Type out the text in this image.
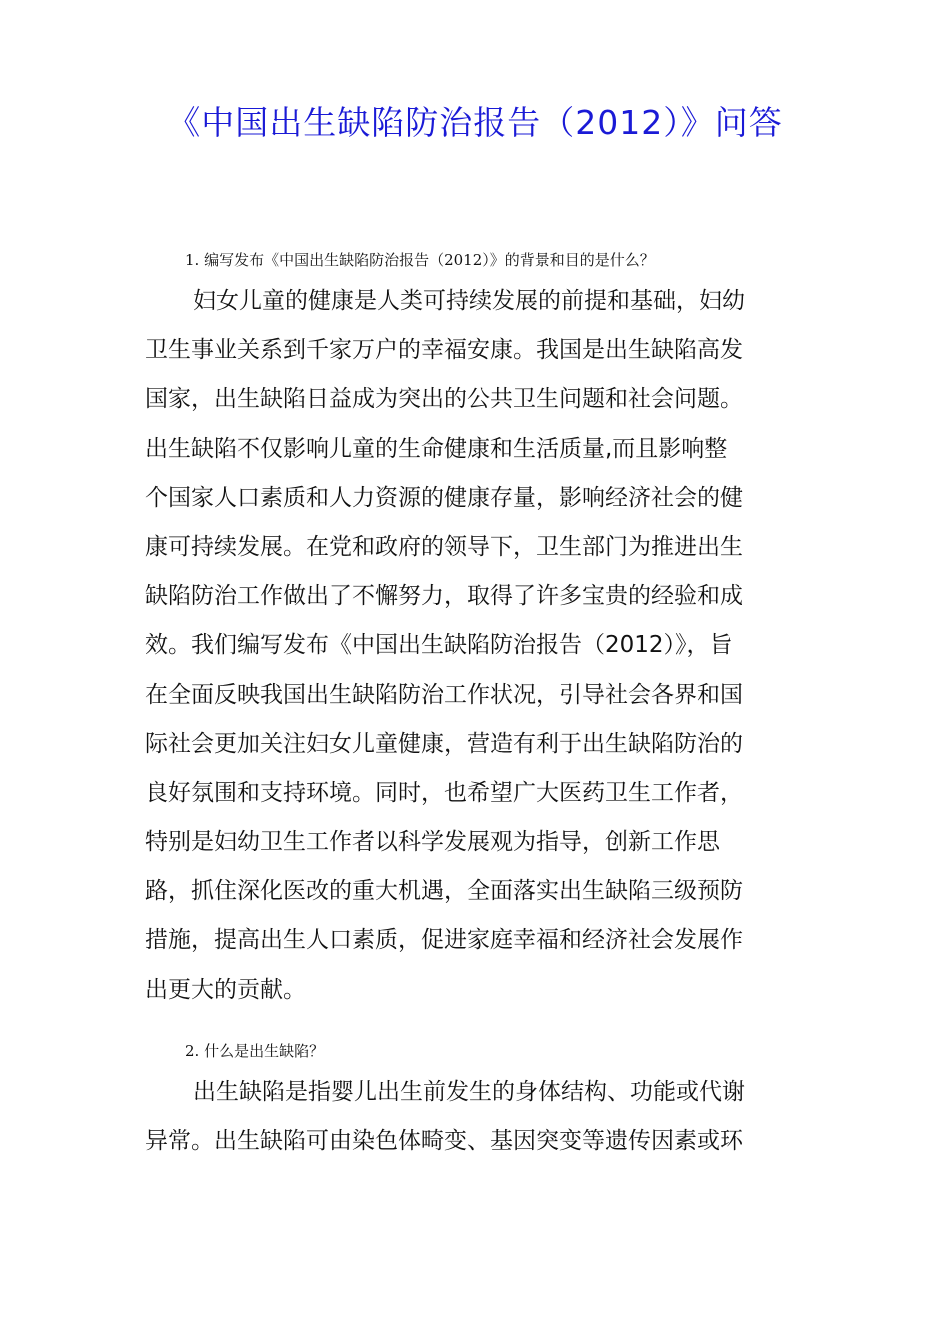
《中国出生缺陷防治报告（2012）》问答
1. 编写发布《中国出生缺陷防治报告（2012）》的背景和目的是什么？
妇女儿童的健康是人类可持续发展的前提和基础，妇幼
卫生事业关系到千家万户的幸福安康。我国是出生缺陷高发
国家，出生缺陷日益成为突出的公共卫生问题和社会问题。
出生缺陷不仅影响儿童的生命健康和生活质量,而且影响整
个国家人口素质和人力资源的健康存量，影响经济社会的健
康可持续发展。在党和政府的领导下，卫生部门为推进出生
缺陷防治工作做出了不懈努力，取得了许多宝贵的经验和成
效。我们编写发布《中国出生缺陷防治报告（2012）》，旨
在全面反映我国出生缺陷防治工作状况，引导社会各界和国
际社会更加关注妇女儿童健康，营造有利于出生缺陷防治的
良好氛围和支持环境。同时，也希望广大医药卫生工作者，
特别是妇幼卫生工作者以科学发展观为指导，创新工作思
路，抓住深化医改的重大机遇，全面落实出生缺陷三级预防
措施，提高出生人口素质，促进家庭幸福和经济社会发展作
出更大的贡献。
2. 什么是出生缺陷？
出生缺陷是指婴儿出生前发生的身体结构、功能或代谢
异常。出生缺陷可由染色体畸变、基因突变等遗传因素或环
